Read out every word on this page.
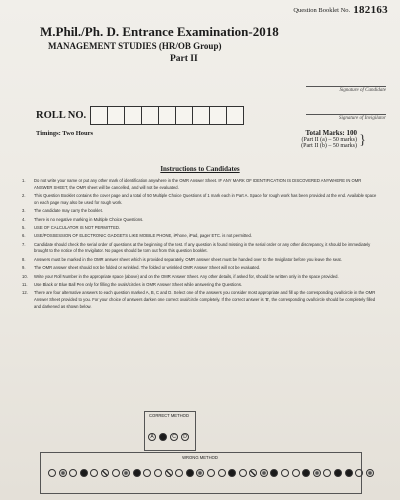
Question Booklet No. 182163
M.Phil./Ph. D. Entrance Examination-2018
MANAGEMENT STUDIES (HR/OB Group)
Part II
Signature of Candidate
Signature of Invigilator
ROLL NO.
Timings: Two Hours	Total Marks: 100
(Part II (a) – 50 marks)
(Part II (b) – 50 marks) }
Instructions to Candidates
1.	Do not write your name or put any other mark of identification anywhere in the OMR Answer Sheet. IF ANY MARK OF IDENTIFICATION IS DISCOVERED ANYWHERE IN OMR ANSWER SHEET, the OMR sheet will be cancelled, and will not be evaluated.
2.	This Question Booklet contains the cover page and a total of 50 Multiple Choice Questions of 1 mark each in Part A. Space for rough work has been provided at the end. Available space on each page may also be used for rough work.
3.	The candidate may carry the booklet.
4.	There is no negative marking in Multiple Choice Questions.
5.	USE OF CALCULATOR IS NOT PERMITTED.
6.	USE/POSSESSION OF ELECTRONIC GADGETS LIKE MOBILE PHONE, iPhone, iPad, pager ETC. is not permitted.
7.	Candidate should check the serial order of questions at the beginning of the test. If any question is found missing in the serial order or any other discrepancy, it should be immediately brought to the notice of the Invigilator. No pages should be torn out from this question booklet.
8.	Answers must be marked in the OMR answer sheet which is provided separately. OMR answer sheet must be handed over to the Invigilator before you leave the seat.
9.	The OMR answer sheet should not be folded or wrinkled. The folded or wrinkled OMR Answer Sheet will not be evaluated.
10.	Write your Roll Number in the appropriate space (above) and on the OMR Answer Sheet. Any other details, if asked for, should be written only in the space provided.
11.	Use Black or Blue Ball Pen only for filling the ovals/circles in OMR Answer Sheet while answering the Questions.
12.	There are four alternative answers to each question marked A, B, C and D. Select one of the answers you consider most appropriate and fill up the corresponding oval/circle in the OMR Answer Sheet provided to you. For your choice of answers darken one correct oval/circle completely. If the correct answer is 'B', the corresponding oval/circle should be completely filled and darkened as shown below.
CORRECT METHOD
A	C	D
WRONG METHOD
